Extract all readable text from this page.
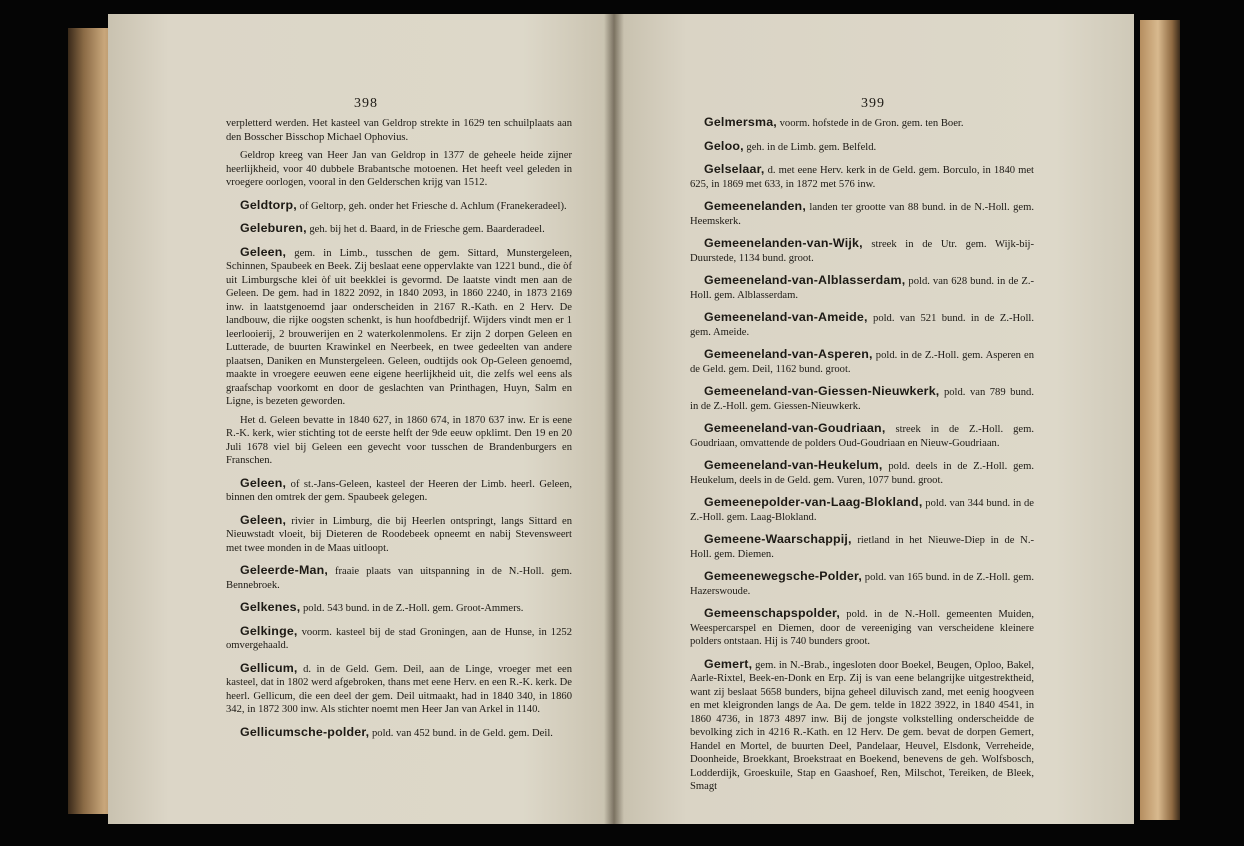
398

verpletterd werden. Het kasteel van Geldrop strekte in 1629 ten schuilplaats aan den Bosscher Bisschop Michael Ophovius.

Geldrop kreeg van Heer Jan van Geldrop in 1377 de geheele heide zijner heerlijkheid, voor 40 dubbele Brabantsche motoenen. Het heeft veel geleden in vroegere oorlogen, vooral in den Gelderschen krijg van 1512.

Geldtorp, of Geltorp, geh. onder het Friesche d. Achlum (Franekeradeel).

Geleburen, geh. bij het d. Baard, in de Friesche gem. Baarderadeel.

Geleen, gem. in Limb., tusschen de gem. Sittard, Munstergeleen, Schinnen, Spaubeek en Beek. Zij beslaat eene oppervlakte van 1221 bund., die òf uit Limburgsche klei òf uit beekklei is gevormd. De laatste vindt men aan de Geleen. De gem. had in 1822 2092, in 1840 2093, in 1860 2240, in 1873 2169 inw. in laatstgenoemd jaar onderscheiden in 2167 R.-Kath. en 2 Herv. De landbouw, die rijke oogsten schenkt, is hun hoofdbedrijf. Wijders vindt men er 1 leerlooierij, 2 brouwerijen en 2 waterkolenmolens. Er zijn 2 dorpen Geleen en Lutterade, de buurten Krawinkel en Neerbeek, en twee gedeelten van andere plaatsen, Daniken en Munstergeleen. Geleen, oudtijds ook Op-Geleen genoemd, maakte in vroegere eeuwen eene eigene heerlijkheid uit, die zelfs wel eens als graafschap voorkomt en door de geslachten van Printhagen, Huyn, Salm en Ligne, is bezeten geworden.

Het d. Geleen bevatte in 1840 627, in 1860 674, in 1870 637 inw. Er is eene R.-K. kerk, wier stichting tot de eerste helft der 9de eeuw opklimt. Den 19 en 20 Juli 1678 viel bij Geleen een gevecht voor tusschen de Brandenburgers en Franschen.

Geleen, of st.-Jans-Geleen, kasteel der Heeren der Limb. heerl. Geleen, binnen den omtrek der gem. Spaubeek gelegen.

Geleen, rivier in Limburg, die bij Heerlen ontspringt, langs Sittard en Nieuwstadt vloeit, bij Dieteren de Roodebeek opneemt en nabij Stevensweert met twee monden in de Maas uitloopt.

Geleerde-Man, fraaie plaats van uitspanning in de N.-Holl. gem. Bennebroek.

Gelkenes, pold. 543 bund. in de Z.-Holl. gem. Groot-Ammers.

Gelkinge, voorm. kasteel bij de stad Groningen, aan de Hunse, in 1252 omvergehaald.

Gellicum, d. in de Geld. Gem. Deil, aan de Linge, vroeger met een kasteel, dat in 1802 werd afgebroken, thans met eene Herv. en een R.-K. kerk. De heerl. Gellicum, die een deel der gem. Deil uitmaakt, had in 1840 340, in 1860 342, in 1872 300 inw. Als stichter noemt men Heer Jan van Arkel in 1140.

Gellicumsche-polder, pold. van 452 bund. in de Geld. gem. Deil.

399

Gelmersma, voorm. hofstede in de Gron. gem. ten Boer.

Geloo, geh. in de Limb. gem. Belfeld.

Gelselaar, d. met eene Herv. kerk in de Geld. gem. Borculo, in 1840 met 625, in 1869 met 633, in 1872 met 576 inw.

Gemeenelanden, landen ter grootte van 88 bund. in de N.-Holl. gem. Heemskerk.

Gemeenelanden-van-Wijk, streek in de Utr. gem. Wijk-bij-Duurstede, 1134 bund. groot.

Gemeeneland-van-Alblasserdam, pold. van 628 bund. in de Z.-Holl. gem. Alblasserdam.

Gemeeneland-van-Ameide, pold. van 521 bund. in de Z.-Holl. gem. Ameide.

Gemeeneland-van-Asperen, pold. in de Z.-Holl. gem. Asperen en de Geld. gem. Deil, 1162 bund. groot.

Gemeeneland-van-Giessen-Nieuwkerk, pold. van 789 bund. in de Z.-Holl. gem. Giessen-Nieuwkerk.

Gemeeneland-van-Goudriaan, streek in de Z.-Holl. gem. Goudriaan, omvattende de polders Oud-Goudriaan en Nieuw-Goudriaan.

Gemeeneland-van-Heukelum, pold. deels in de Z.-Holl. gem. Heukelum, deels in de Geld. gem. Vuren, 1077 bund. groot.

Gemeenepolder-van-Laag-Blokland, pold. van 344 bund. in de Z.-Holl. gem. Laag-Blokland.

Gemeene-Waarschappij, rietland in het Nieuwe-Diep in de N.-Holl. gem. Diemen.

Gemeenewegsche-Polder, pold. van 165 bund. in de Z.-Holl. gem. Hazerswoude.

Gemeenschapspolder, pold. in de N.-Holl. gemeenten Muiden, Weespercarspel en Diemen, door de vereeniging van verscheidene kleinere polders ontstaan. Hij is 740 bunders groot.

Gemert, gem. in N.-Brab., ingesloten door Boekel, Beugen, Oploo, Bakel, Aarle-Rixtel, Beek-en-Donk en Erp. Zij is van eene belangrijke uitgestrektheid, want zij beslaat 5658 bunders, bijna geheel diluvisch zand, met eenig hoogveen en met kleigronden langs de Aa. De gem. telde in 1822 3922, in 1840 4541, in 1860 4736, in 1873 4897 inw. Bij de jongste volkstelling onderscheidde de bevolking zich in 4216 R.-Kath. en 12 Herv. De gem. bevat de dorpen Gemert, Handel en Mortel, de buurten Deel, Pandelaar, Heuvel, Elsdonk, Verreheide, Doonheide, Broekkant, Broekstraat en Boekend, benevens de geh. Wolfsbosch, Lodderdijk, Groeskuile, Stap en Gaashoef, Ren, Milschot, Tereiken, de Bleek, Smagt
